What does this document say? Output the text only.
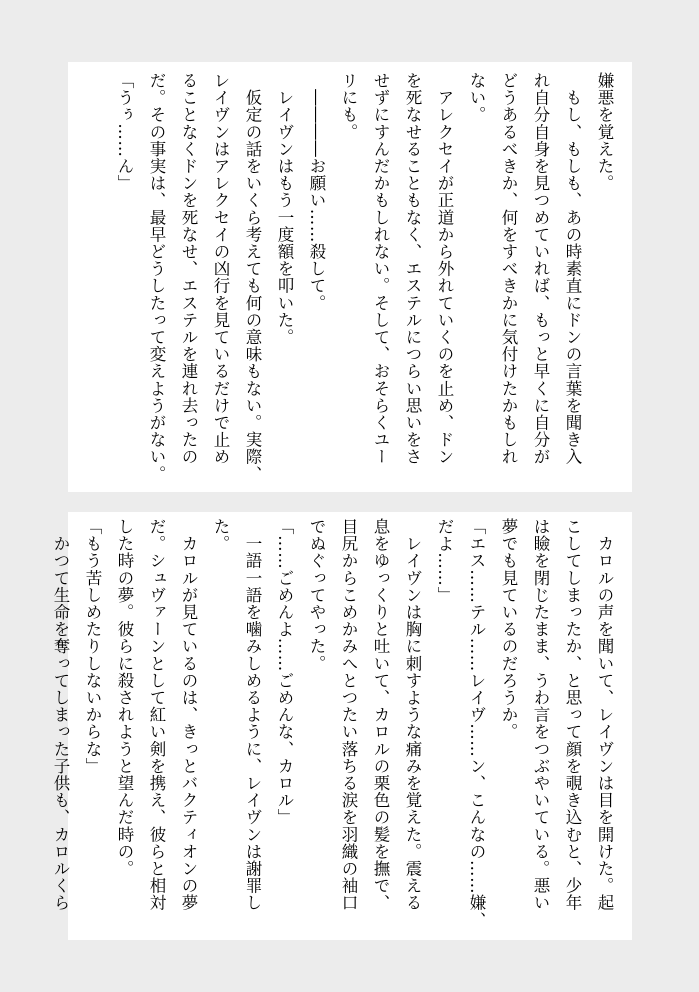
嫌悪を覚えた。
　もし、もしも、あの時素直にドンの言葉を聞き入
れ自分自身を見つめていれば、もっと早くに自分が
どうあるべきか、何をすべきかに気付けたかもしれ
ない。
　アレクセイが正道から外れていくのを止め、ドン
を死なせることもなく、エステルにつらい思いをさ
せずにすんだかもしれない。そして、おそらくユー
リにも。
　――――お願い……殺して。
　レイヴンはもう一度額を叩いた。
　仮定の話をいくら考えても何の意味もない。実際、
レイヴンはアレクセイの凶行を見ているだけで止め
ることなくドンを死なせ、エステルを連れ去ったの
だ。その事実は、最早どうしたって変えようがない。
「うぅ……ん」
　カロルの声を聞いて、レイヴンは目を開けた。起
こしてしまったか、と思って顔を覗き込むと、少年
は瞼を閉じたまま、うわ言をつぶやいている。悪い
夢でも見ているのだろうか。
「エス……テル……レイヴ……ン、こんなの……嫌、
だよ……」
　レイヴンは胸に刺すような痛みを覚えた。震える
息をゆっくりと吐いて、カロルの栗色の髪を撫で、
目尻からこめかみへとつたい落ちる涙を羽織の袖口
でぬぐってやった。
「……ごめんよ……ごめんな、カロル」
　一語一語を噛みしめるように、レイヴンは謝罪し
た。
　カロルが見ているのは、きっとバクティオンの夢
だ。シュヴァーンとして紅い剣を携え、彼らと相対
した時の夢。彼らに殺されようと望んだ時の。
「もう苦しめたりしないからな」
　かつて生命を奪ってしまった子供も、カロルくら
